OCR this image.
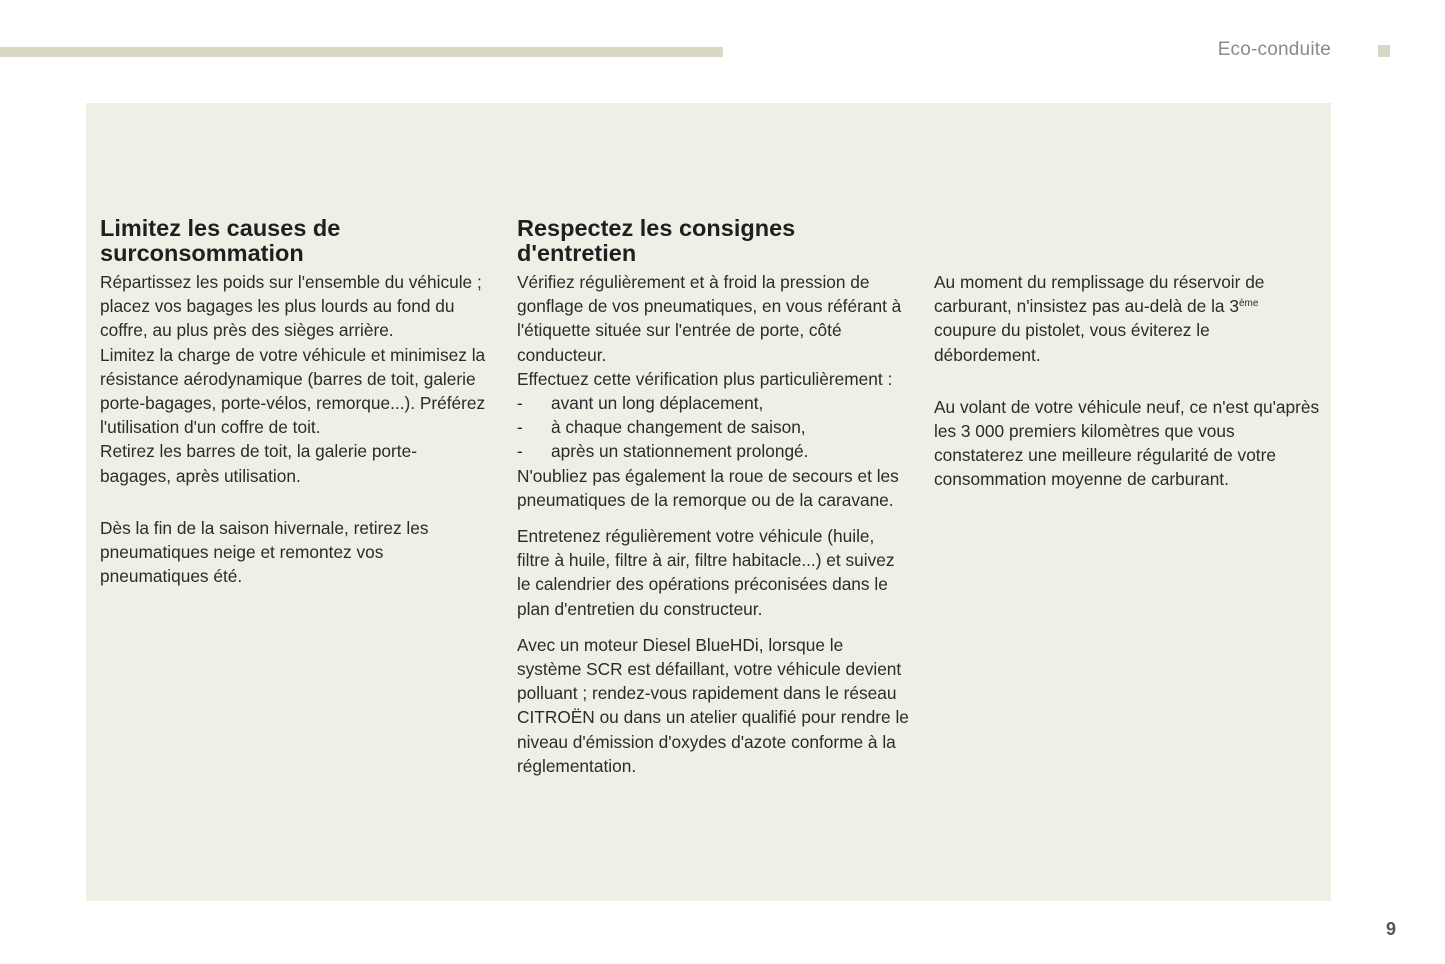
Eco-conduite
Limitez les causes de surconsommation

Répartissez les poids sur l'ensemble du véhicule ; placez vos bagages les plus lourds au fond du coffre, au plus près des sièges arrière.

Limitez la charge de votre véhicule et minimisez la résistance aérodynamique (barres de toit, galerie porte-bagages, porte-vélos, remorque...). Préférez l'utilisation d'un coffre de toit.

Retirez les barres de toit, la galerie porte-bagages, après utilisation.

Dès la fin de la saison hivernale, retirez les pneumatiques neige et remontez vos pneumatiques été.

Respectez les consignes d'entretien

Vérifiez régulièrement et à froid la pression de gonflage de vos pneumatiques, en vous référant à l'étiquette située sur l'entrée de porte, côté conducteur.

Effectuez cette vérification plus particulièrement :

-	avant un long déplacement,
-	à chaque changement de saison,
-	après un stationnement prolongé.

N'oubliez pas également la roue de secours et les pneumatiques de la remorque ou de la caravane.

Entretenez régulièrement votre véhicule (huile, filtre à huile, filtre à air, filtre habitacle...) et suivez le calendrier des opérations préconisées dans le plan d'entretien du constructeur.

Avec un moteur Diesel BlueHDi, lorsque le système SCR est défaillant, votre véhicule devient polluant ; rendez-vous rapidement dans le réseau CITROËN ou dans un atelier qualifié pour rendre le niveau d'émission d'oxydes d'azote conforme à la réglementation.

Au moment du remplissage du réservoir de carburant, n'insistez pas au-delà de la 3ème coupure du pistolet, vous éviterez le débordement.

Au volant de votre véhicule neuf, ce n'est qu'après les 3 000 premiers kilomètres que vous constaterez une meilleure régularité de votre consommation moyenne de carburant.

9
